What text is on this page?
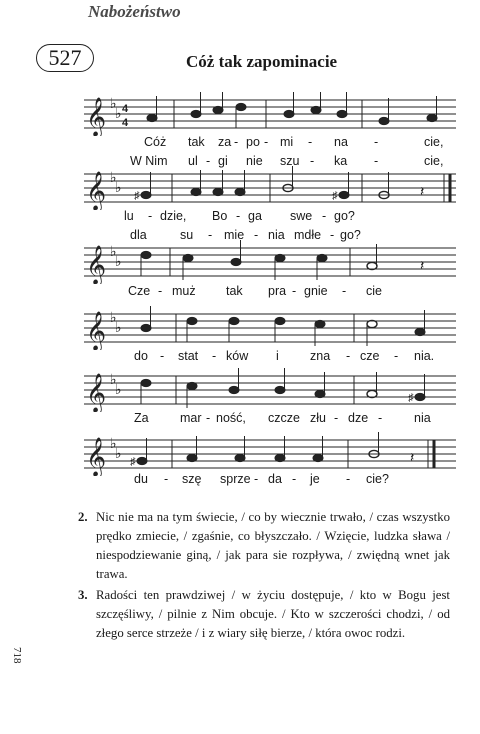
Nabożeństwo
527	Cóż tak zapominacie
𝄞 ♭
♭ 4
4
Cóż tak za - po - mi - na -	cie,
W Nim ul - gi nie szu - ka -	cie,
𝄞 ♭
♭
♯	♯	𝄽
lu - dzie, Bo - ga swe - go?
dla	su - mie - nia mdłe - go?
𝄞 ♭
♭	𝄽
Cze - muż tak pra - gnie - cie
𝄞 ♭
♭
do - stat - ków i zna - cze - nia.
𝄞 ♭
♭
♯
Za	mar - ność, czcze złu - dze -	nia
𝄞 ♭
♭
♯	𝄽
du - szę sprze - da - je - cie?
2. Nic nie ma na tym świecie, / co by wiecznie trwało, / czas wszystko prędko zmiecie, / zgaśnie, co błyszczało. / Wzięcie, ludzka sława / niespodziewanie giną, / jak para sie rozpływa, / zwiędną wnet jak trawa.
3. Radości ten prawdziwej / w życiu dostępuje, / kto w Bogu jest szczęśliwy, / pilnie z Nim obcuje. / Kto w szczerości chodzi, / od złego serce strzeże / i z wiary siłę bierze, / która owoc rodzi.
718
